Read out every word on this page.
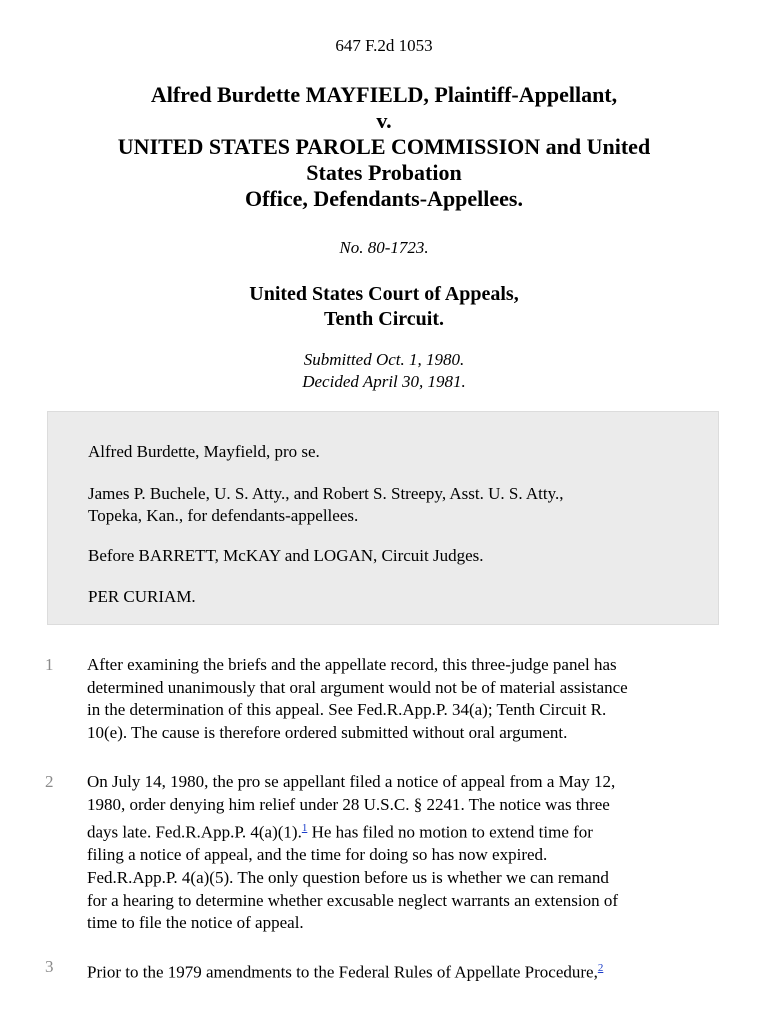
647 F.2d 1053
Alfred Burdette MAYFIELD, Plaintiff-Appellant,
v.
UNITED STATES PAROLE COMMISSION and United
States Probation
Office, Defendants-Appellees.
No. 80-1723.
United States Court of Appeals,
Tenth Circuit.
Submitted Oct. 1, 1980.
Decided April 30, 1981.

Alfred Burdette, Mayfield, pro se.

James P. Buchele, U. S. Atty., and Robert S. Streepy, Asst. U. S. Atty.,
Topeka, Kan., for defendants-appellees.

Before BARRETT, McKAY and LOGAN, Circuit Judges.

PER CURIAM.

1 After examining the briefs and the appellate record, this three-judge panel has
determined unanimously that oral argument would not be of material assistance
in the determination of this appeal. See Fed.R.App.P. 34(a); Tenth Circuit R.
10(e). The cause is therefore ordered submitted without oral argument.
2 On July 14, 1980, the pro se appellant filed a notice of appeal from a May 12,
1980, order denying him relief under 28 U.S.C. § 2241. The notice was three
days late. Fed.R.App.P. 4(a)(1).$^1$ He has filed no motion to extend time for
filing a notice of appeal, and the time for doing so has now expired.
Fed.R.App.P. 4(a)(5). The only question before us is whether we can remand
for a hearing to determine whether excusable neglect warrants an extension of
time to file the notice of appeal.
3 Prior to the 1979 amendments to the Federal Rules of Appellate Procedure,$^2$
